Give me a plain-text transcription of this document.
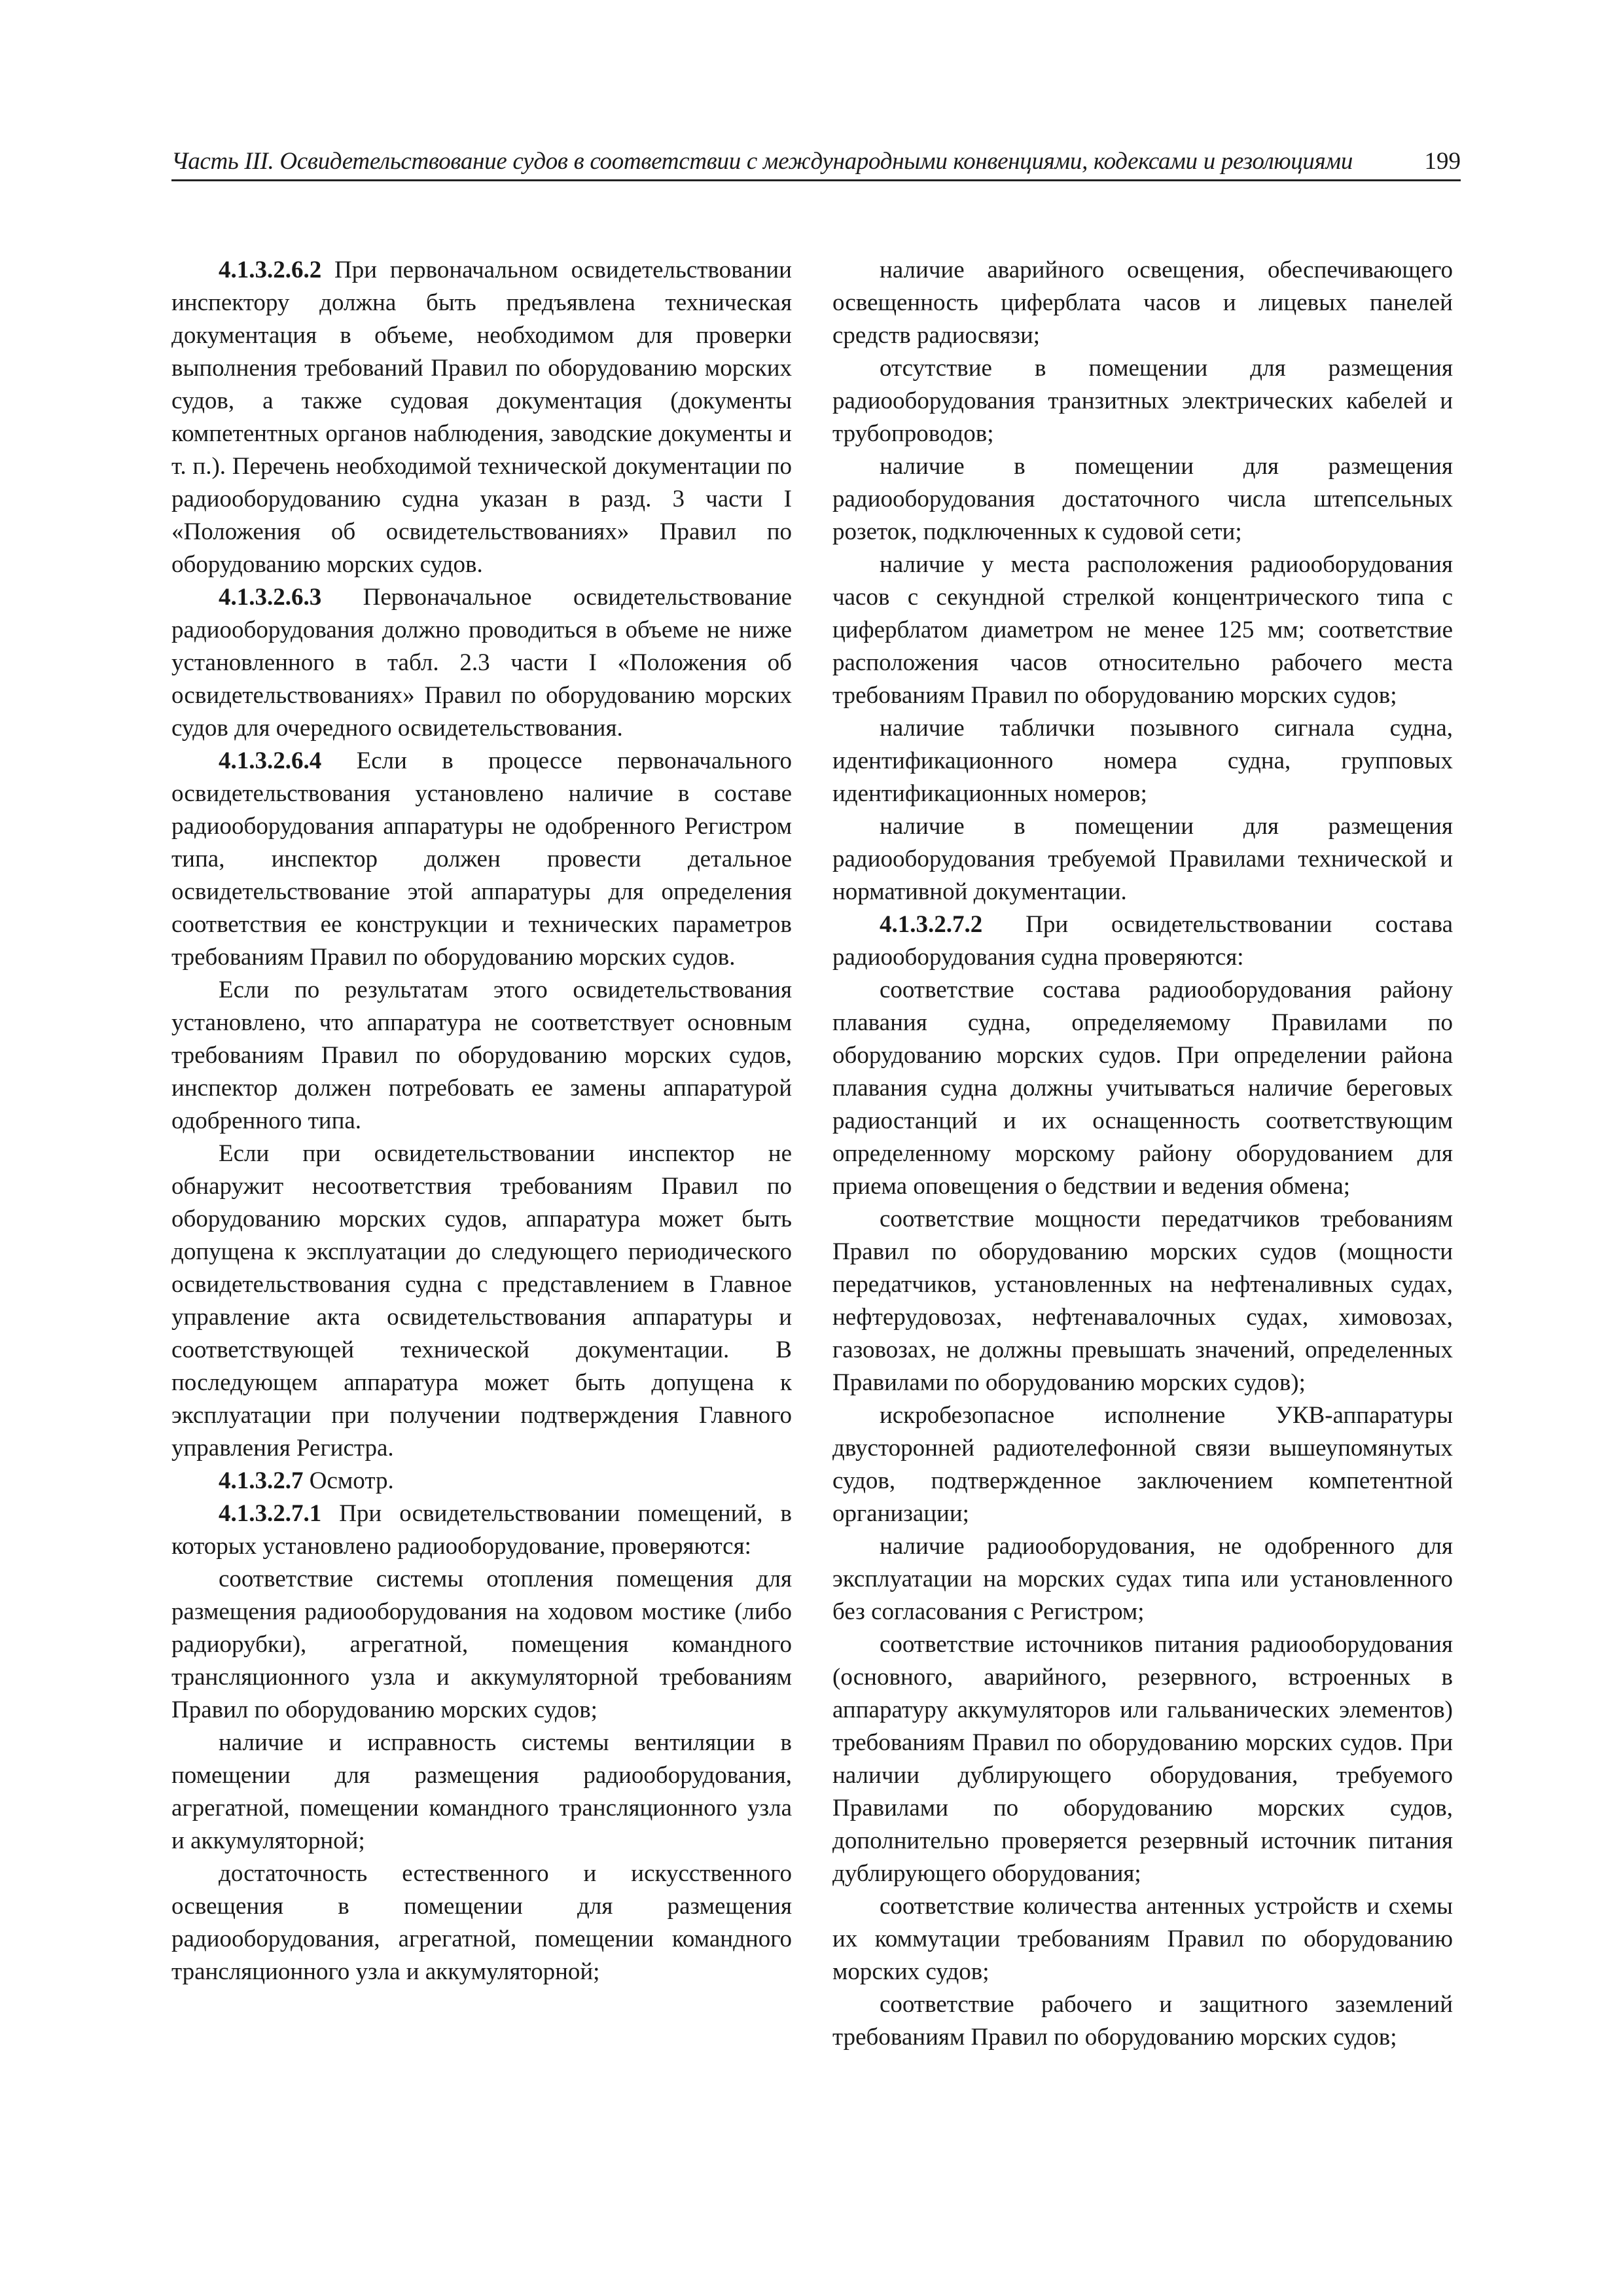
Часть III. Освидетельствование судов в соответствии с международными конвенциями, кодексами и резолюциями	199

4.1.3.2.6.2 При первоначальном освидетельствовании инспектору должна быть предъявлена техническая документация в объеме, необходимом для проверки выполнения требований Правил по оборудованию морских судов, а также судовая документация (документы компетентных органов наблюдения, заводские документы и т. п.). Перечень необходимой технической документации по радиооборудованию судна указан в разд. 3 части I «Положения об освидетельствованиях» Правил по оборудованию морских судов.

4.1.3.2.6.3 Первоначальное освидетельствование радиооборудования должно проводиться в объеме не ниже установленного в табл. 2.3 части I «Положения об освидетельствованиях» Правил по оборудованию морских судов для очередного освидетельствования.

4.1.3.2.6.4 Если в процессе первоначального освидетельствования установлено наличие в составе радиооборудования аппаратуры не одобренного Регистром типа, инспектор должен провести детальное освидетельствование этой аппаратуры для определения соответствия ее конструкции и технических параметров требованиям Правил по оборудованию морских судов.

Если по результатам этого освидетельствования установлено, что аппаратура не соответствует основным требованиям Правил по оборудованию морских судов, инспектор должен потребовать ее замены аппаратурой одобренного типа.

Если при освидетельствовании инспектор не обнаружит несоответствия требованиям Правил по оборудованию морских судов, аппаратура может быть допущена к эксплуатации до следующего периодического освидетельствования судна с представлением в Главное управление акта освидетельствования аппаратуры и соответствующей технической документации. В последующем аппаратура может быть допущена к эксплуатации при получении подтверждения Главного управления Регистра.

4.1.3.2.7 Осмотр.

4.1.3.2.7.1 При освидетельствовании помещений, в которых установлено радиооборудование, проверяются:

соответствие системы отопления помещения для размещения радиооборудования на ходовом мостике (либо радиорубки), агрегатной, помещения командного трансляционного узла и аккумуляторной требованиям Правил по оборудованию морских судов;

наличие и исправность системы вентиляции в помещении для размещения радиооборудования, агрегатной, помещении командного трансляционного узла и аккумуляторной;

достаточность естественного и искусственного освещения в помещении для размещения радиооборудования, агрегатной, помещении командного трансляционного узла и аккумуляторной;

наличие аварийного освещения, обеспечивающего освещенность циферблата часов и лицевых панелей средств радиосвязи;

отсутствие в помещении для размещения радиооборудования транзитных электрических кабелей и трубопроводов;

наличие в помещении для размещения радиооборудования достаточного числа штепсельных розеток, подключенных к судовой сети;

наличие у места расположения радиооборудования часов с секундной стрелкой концентрического типа с циферблатом диаметром не менее 125 мм; соответствие расположения часов относительно рабочего места требованиям Правил по оборудованию морских судов;

наличие таблички позывного сигнала судна, идентификационного номера судна, групповых идентификационных номеров;

наличие в помещении для размещения радиооборудования требуемой Правилами технической и нормативной документации.

4.1.3.2.7.2 При освидетельствовании состава радиооборудования судна проверяются:

соответствие состава радиооборудования району плавания судна, определяемому Правилами по оборудованию морских судов. При определении района плавания судна должны учитываться наличие береговых радиостанций и их оснащенность соответствующим определенному морскому району оборудованием для приема оповещения о бедствии и ведения обмена;

соответствие мощности передатчиков требованиям Правил по оборудованию морских судов (мощности передатчиков, установленных на нефтеналивных судах, нефтерудовозах, нефтенавалочных судах, химовозах, газовозах, не должны превышать значений, определенных Правилами по оборудованию морских судов);

искробезопасное исполнение УКВ-аппаратуры двусторонней радиотелефонной связи вышеупомянутых судов, подтвержденное заключением компетентной организации;

наличие радиооборудования, не одобренного для эксплуатации на морских судах типа или установленного без согласования с Регистром;

соответствие источников питания радиооборудования (основного, аварийного, резервного, встроенных в аппаратуру аккумуляторов или гальванических элементов) требованиям Правил по оборудованию морских судов. При наличии дублирующего оборудования, требуемого Правилами по оборудованию морских судов, дополнительно проверяется резервный источник питания дублирующего оборудования;

соответствие количества антенных устройств и схемы их коммутации требованиям Правил по оборудованию морских судов;

соответствие рабочего и защитного заземлений требованиям Правил по оборудованию морских судов;
